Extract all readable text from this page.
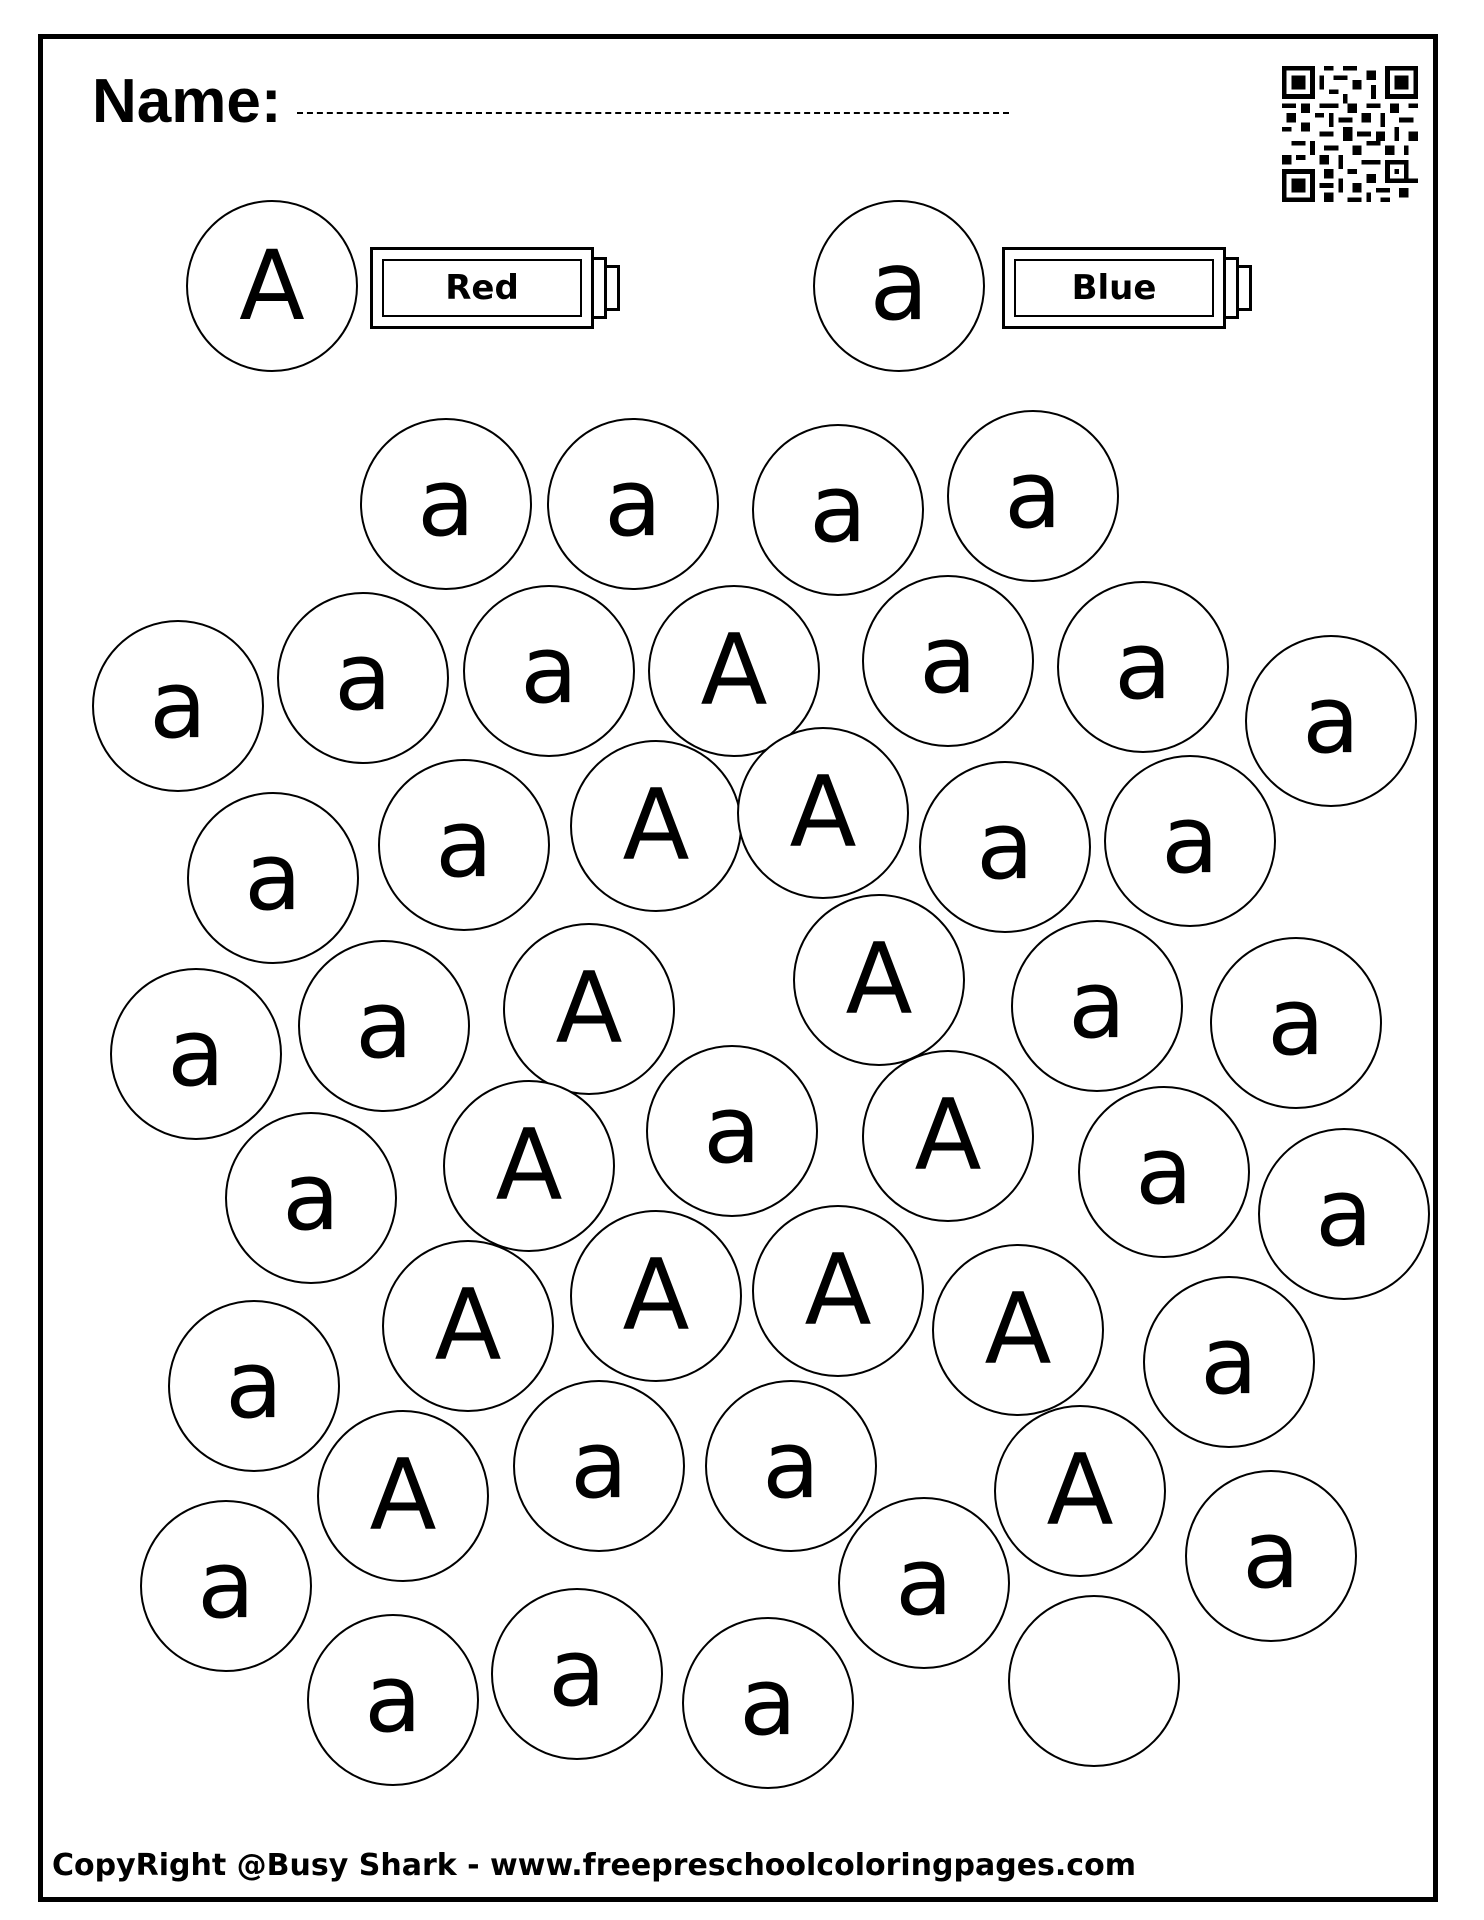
Name:
A	Red	a	Blue
a	a	a	a
a	a	a	A	a	a	a
a	a	A	A	a	a
a	a	A	A	a	a
a	A	a	A	a	a
a
A	A	A	A	a
A	a	a	A
a
a	a
a	a	a
CopyRight @Busy Shark - www.freepreschoolcoloringpages.com
